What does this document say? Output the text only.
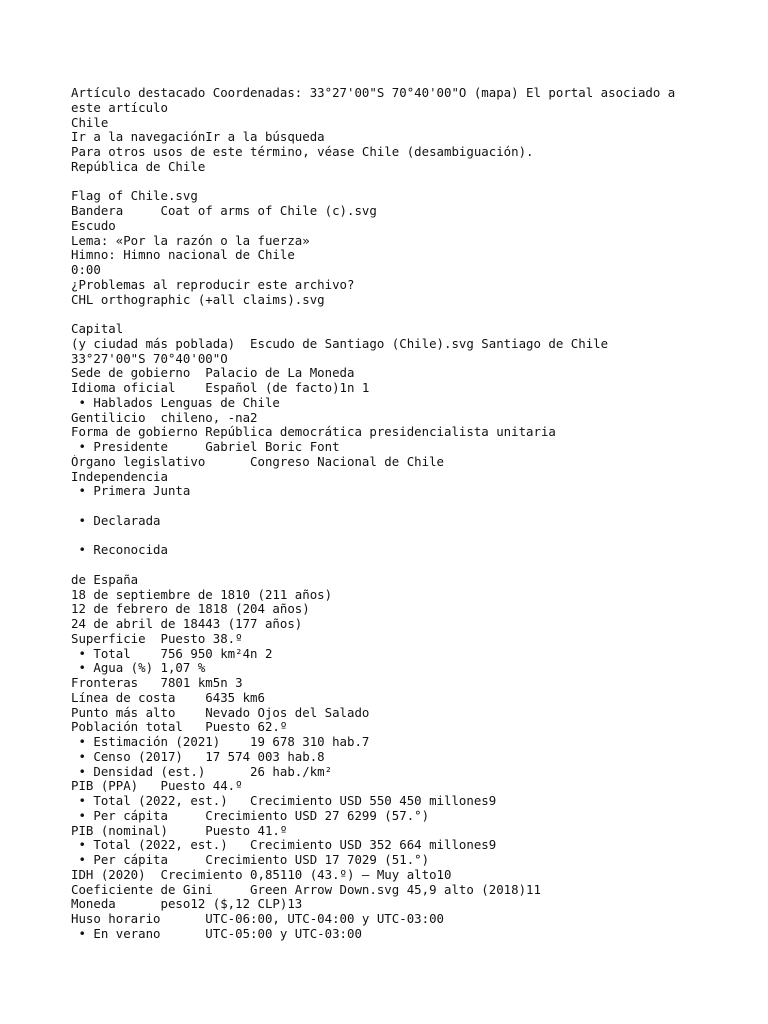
Artículo destacado Coordenadas: 33°27'00"S 70°40'00"O (mapa) El portal asociado a
este artículo
Chile
Ir a la navegaciónIr a la búsqueda
Para otros usos de este término, véase Chile (desambiguación).
República de Chile
Flag of Chile.svg
Bandera     Coat of arms of Chile (c).svg
Escudo
Lema: «Por la razón o la fuerza»
Himno: Himno nacional de Chile
0:00
¿Problemas al reproducir este archivo?
CHL orthographic (+all claims).svg
Capital
(y ciudad más poblada)  Escudo de Santiago (Chile).svg Santiago de Chile
33°27'00"S 70°40'00"O
Sede de gobierno  Palacio de La Moneda
Idioma oficial    Español (de facto)1n 1
• Hablados Lenguas de Chile
Gentilicio  chileno, -na2
Forma de gobierno República democrática presidencialista unitaria
• Presidente     Gabriel Boric Font
Órgano legislativo      Congreso Nacional de Chile
Independencia
• Primera Junta
• Declarada
• Reconocida
de España
18 de septiembre de 1810 (211 años)
12 de febrero de 1818 (204 años)
24 de abril de 18443 (177 años)
Superficie  Puesto 38.º
• Total    756 950 km²4n 2
• Agua (%) 1,07 %
Fronteras   7801 km5n 3
Línea de costa    6435 km6
Punto más alto    Nevado Ojos del Salado
Población total   Puesto 62.º
• Estimación (2021)    19 678 310 hab.7
• Censo (2017)   17 574 003 hab.8
• Densidad (est.)      26 hab./km²
PIB (PPA)   Puesto 44.º
• Total (2022, est.)   Crecimiento USD 550 450 millones9
• Per cápita     Crecimiento USD 27 6299 (57.°)
PIB (nominal)     Puesto 41.º
• Total (2022, est.)   Crecimiento USD 352 664 millones9
• Per cápita     Crecimiento USD 17 7029 (51.°)
IDH (2020)  Crecimiento 0,85110 (43.º) – Muy alto10
Coeficiente de Gini     Green Arrow Down.svg 45,9 alto (2018)11
Moneda      peso12 ($,12 CLP)13
Huso horario      UTC-06:00, UTC-04:00 y UTC-03:00
• En verano      UTC-05:00 y UTC-03:00
